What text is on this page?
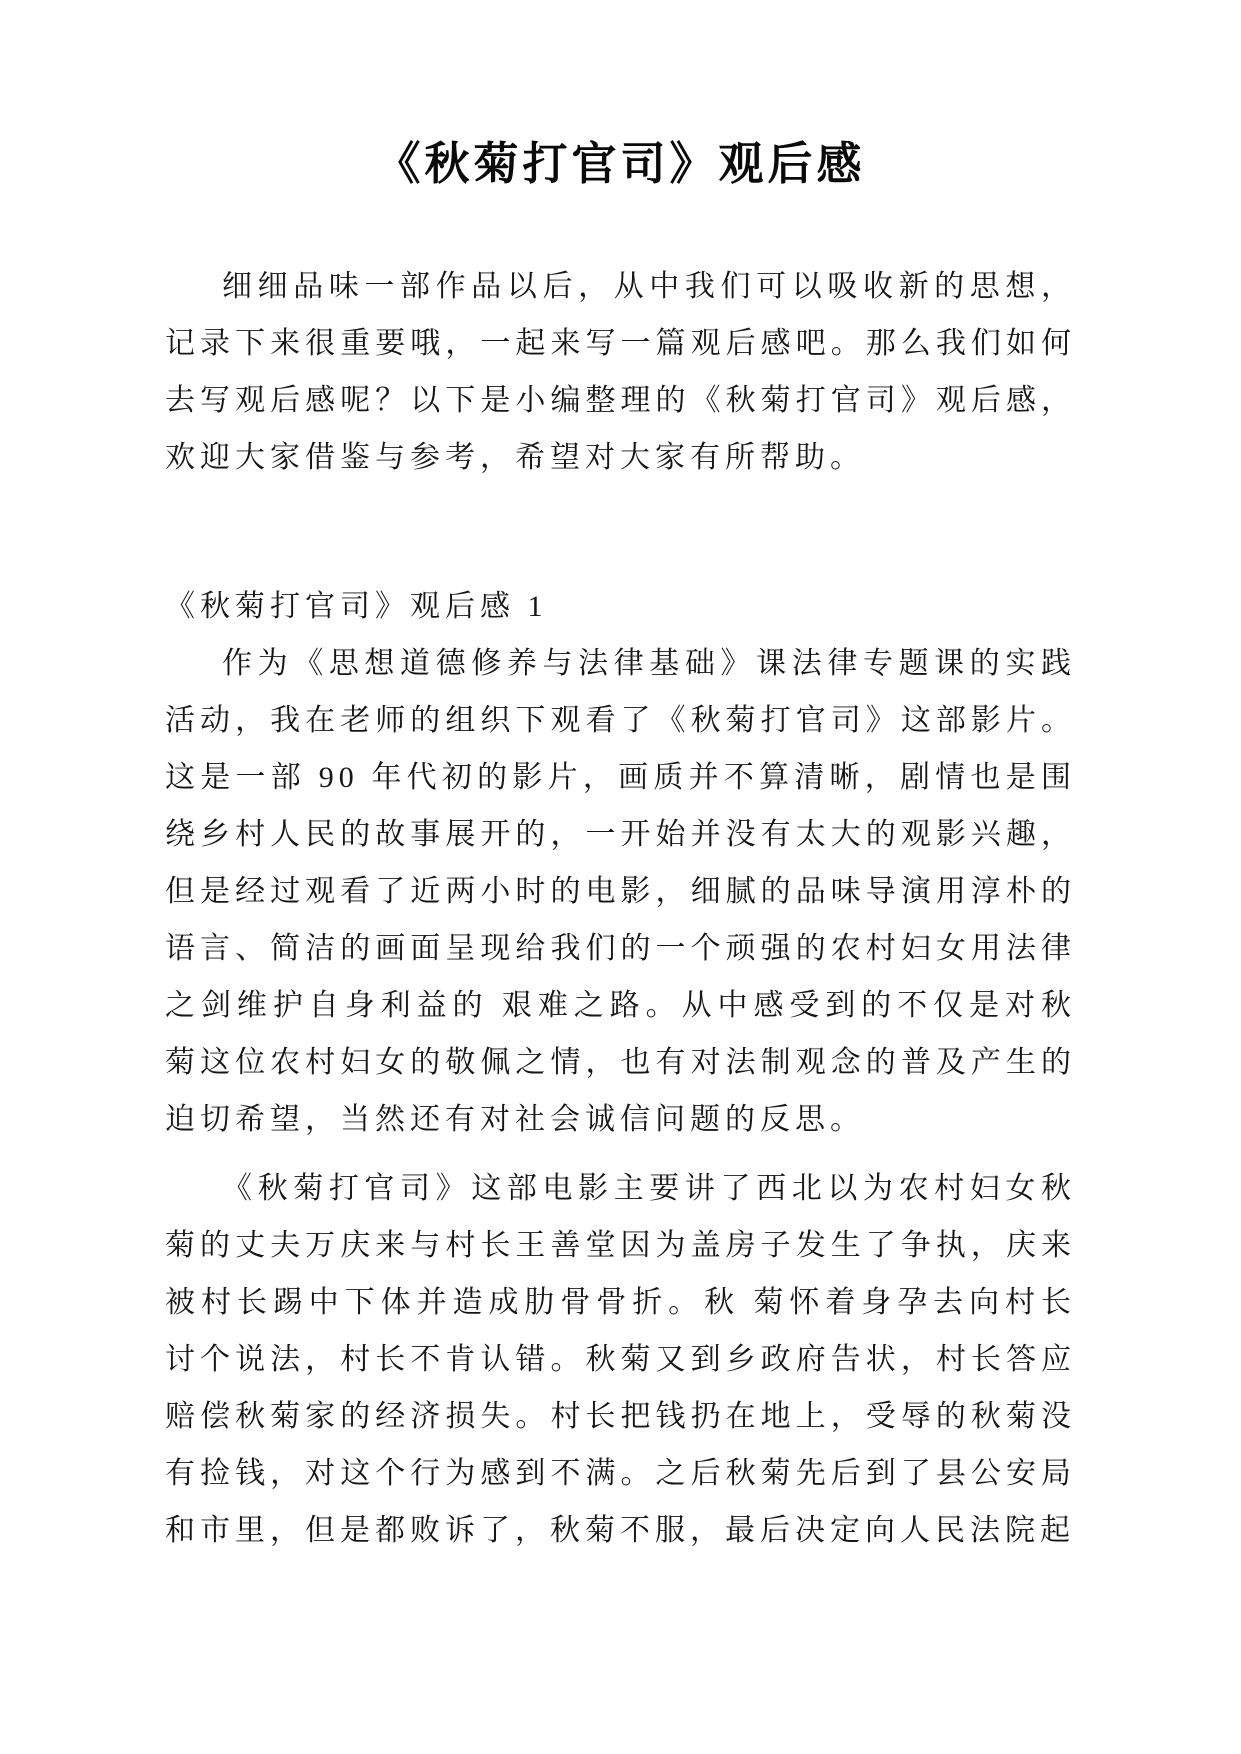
《秋菊打官司》观后感

细细品味一部作品以后，从中我们可以吸收新的思想，记录下来很重要哦，一起来写一篇观后感吧。那么我们如何去写观后感呢？以下是小编整理的《秋菊打官司》观后感，欢迎大家借鉴与参考，希望对大家有所帮助。

《秋菊打官司》观后感 1

作为《思想道德修养与法律基础》课法律专题课的实践活动，我在老师的组织下观看了《秋菊打官司》这部影片。这是一部 90 年代初的影片，画质并不算清晰，剧情也是围绕乡村人民的故事展开的，一开始并没有太大的观影兴趣，但是经过观看了近两小时的电影，细腻的品味导演用淳朴的语言、简洁的画面呈现给我们的一个顽强的农村妇女用法律之剑维护自身利益的 艰难之路。从中感受到的不仅是对秋菊这位农村妇女的敬佩之情，也有对法制观念的普及产生的迫切希望，当然还有对社会诚信问题的反思。

《秋菊打官司》这部电影主要讲了西北以为农村妇女秋菊的丈夫万庆来与村长王善堂因为盖房子发生了争执，庆来被村长踢中下体并造成肋骨骨折。秋 菊怀着身孕去向村长讨个说法，村长不肯认错。秋菊又到乡政府告状，村长答应赔偿秋菊家的经济损失。村长把钱扔在地上，受辱的秋菊没有捡钱，对这个行为感到不满。之后秋菊先后到了县公安局和市里，但是都败诉了，秋菊不服，最后决定向人民法院起
